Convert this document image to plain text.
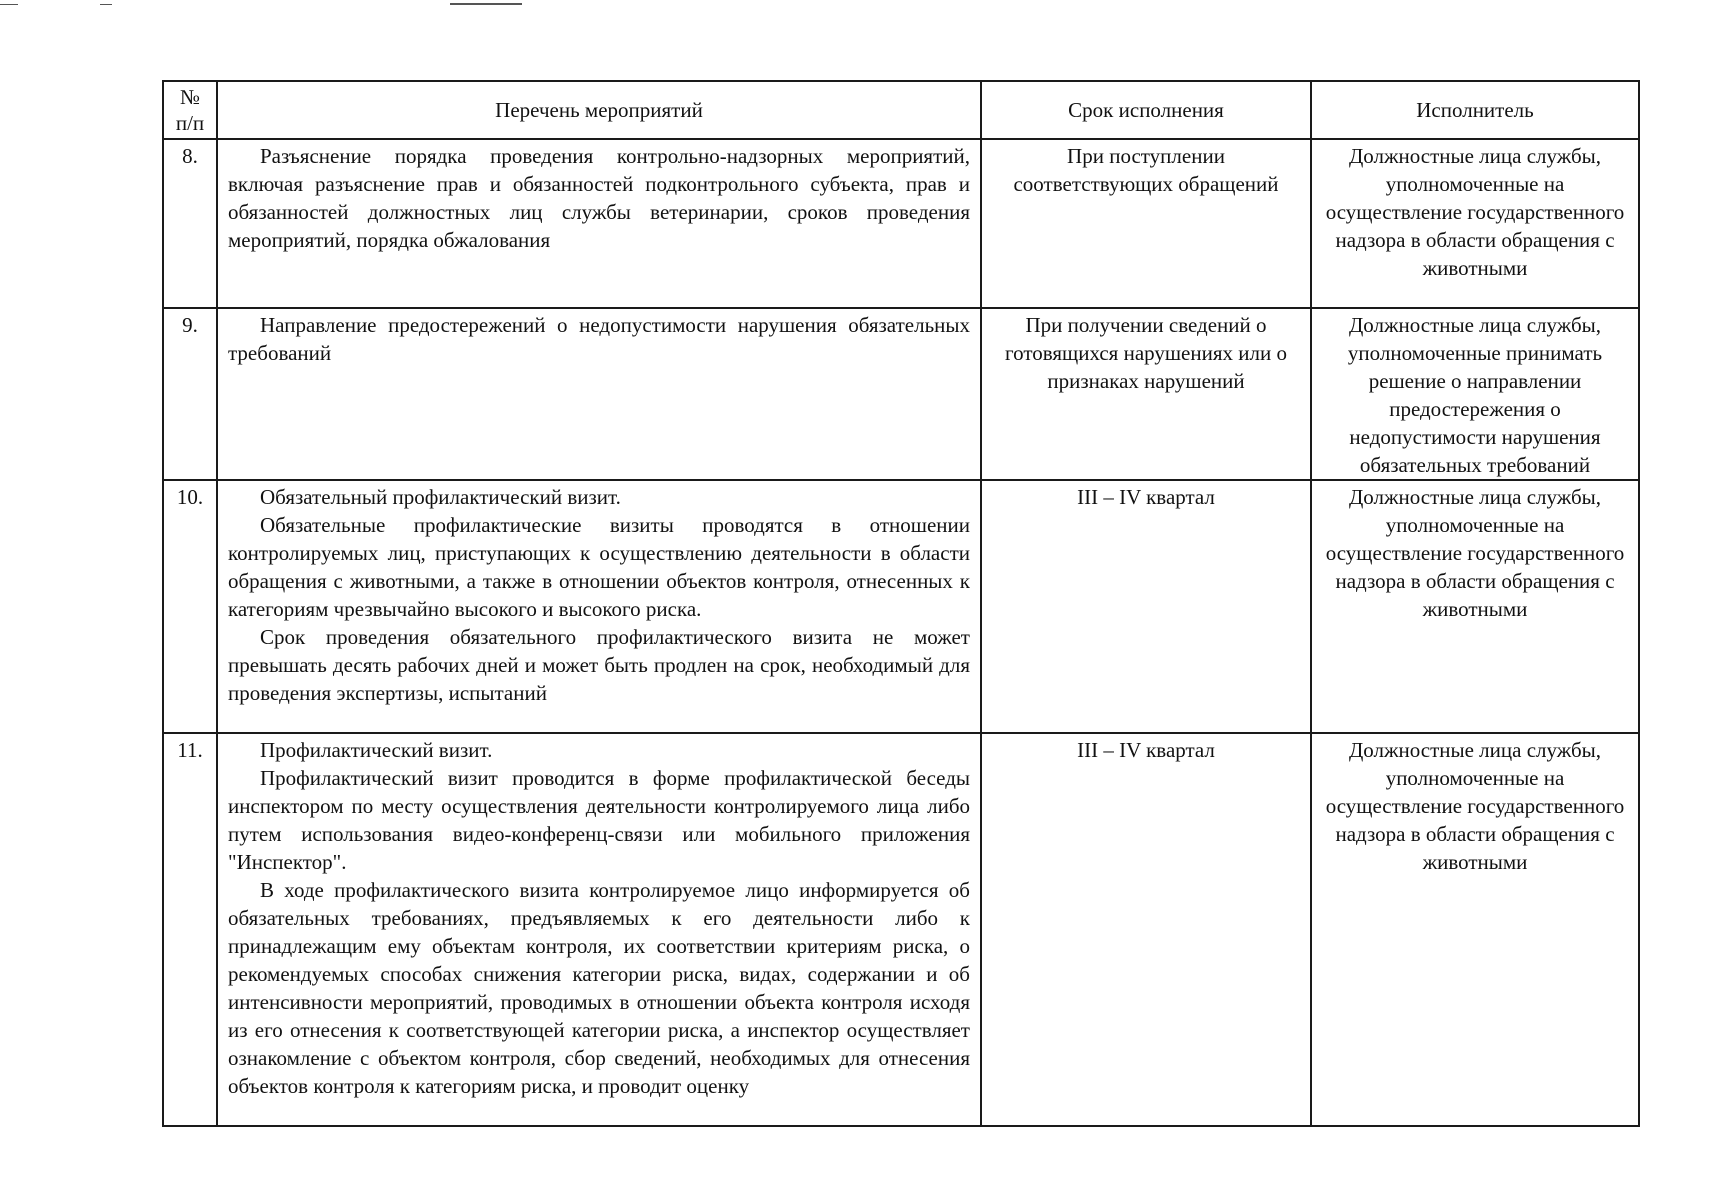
№
п/п	Перечень мероприятий	Срок исполнения	Исполнитель
8.	Разъяснение порядка проведения контрольно-надзорных мероприятий, включая разъяснение прав и обязанностей подконтрольного субъекта, прав и обязанностей должностных лиц службы ветеринарии, сроков проведения мероприятий, порядка обжалования	При поступлении соответствующих обращений	Должностные лица службы, уполномоченные на осуществление государственного надзора в области обращения с животными
9.	Направление предостережений о недопустимости нарушения обязательных требований	При получении сведений о готовящихся нарушениях или о признаках нарушений	Должностные лица службы, уполномоченные принимать решение о направлении предостережения о недопустимости нарушения обязательных требований
10.	Обязательный профилактический визит.

Обязательные профилактические визиты проводятся в отношении контролируемых лиц, приступающих к осуществлению деятельности в области обращения с животными, а также в отношении объектов контроля, отнесенных к категориям чрезвычайно высокого и высокого риска.

Срок проведения обязательного профилактического визита не может превышать десять рабочих дней и может быть продлен на срок, необходимый для проведения экспертизы, испытаний	III – IV квартал	Должностные лица службы, уполномоченные на осуществление государственного надзора в области обращения с животными
11.	Профилактический визит.

Профилактический визит проводится в форме профилактической беседы инспектором по месту осуществления деятельности контролируемого лица либо путем использования видео-конференц-связи или мобильного приложения "Инспектор".

В ходе профилактического визита контролируемое лицо информируется об обязательных требованиях, предъявляемых к его деятельности либо к принадлежащим ему объектам контроля, их соответствии критериям риска, о рекомендуемых способах снижения категории риска, видах, содержании и об интенсивности мероприятий, проводимых в отношении объекта контроля исходя из его отнесения к соответствующей категории риска, а инспектор осуществляет ознакомление с объектом контроля, сбор сведений, необходимых для отнесения объектов контроля к категориям риска, и проводит оценку	III – IV квартал	Должностные лица службы, уполномоченные на осуществление государственного надзора в области обращения с животными
